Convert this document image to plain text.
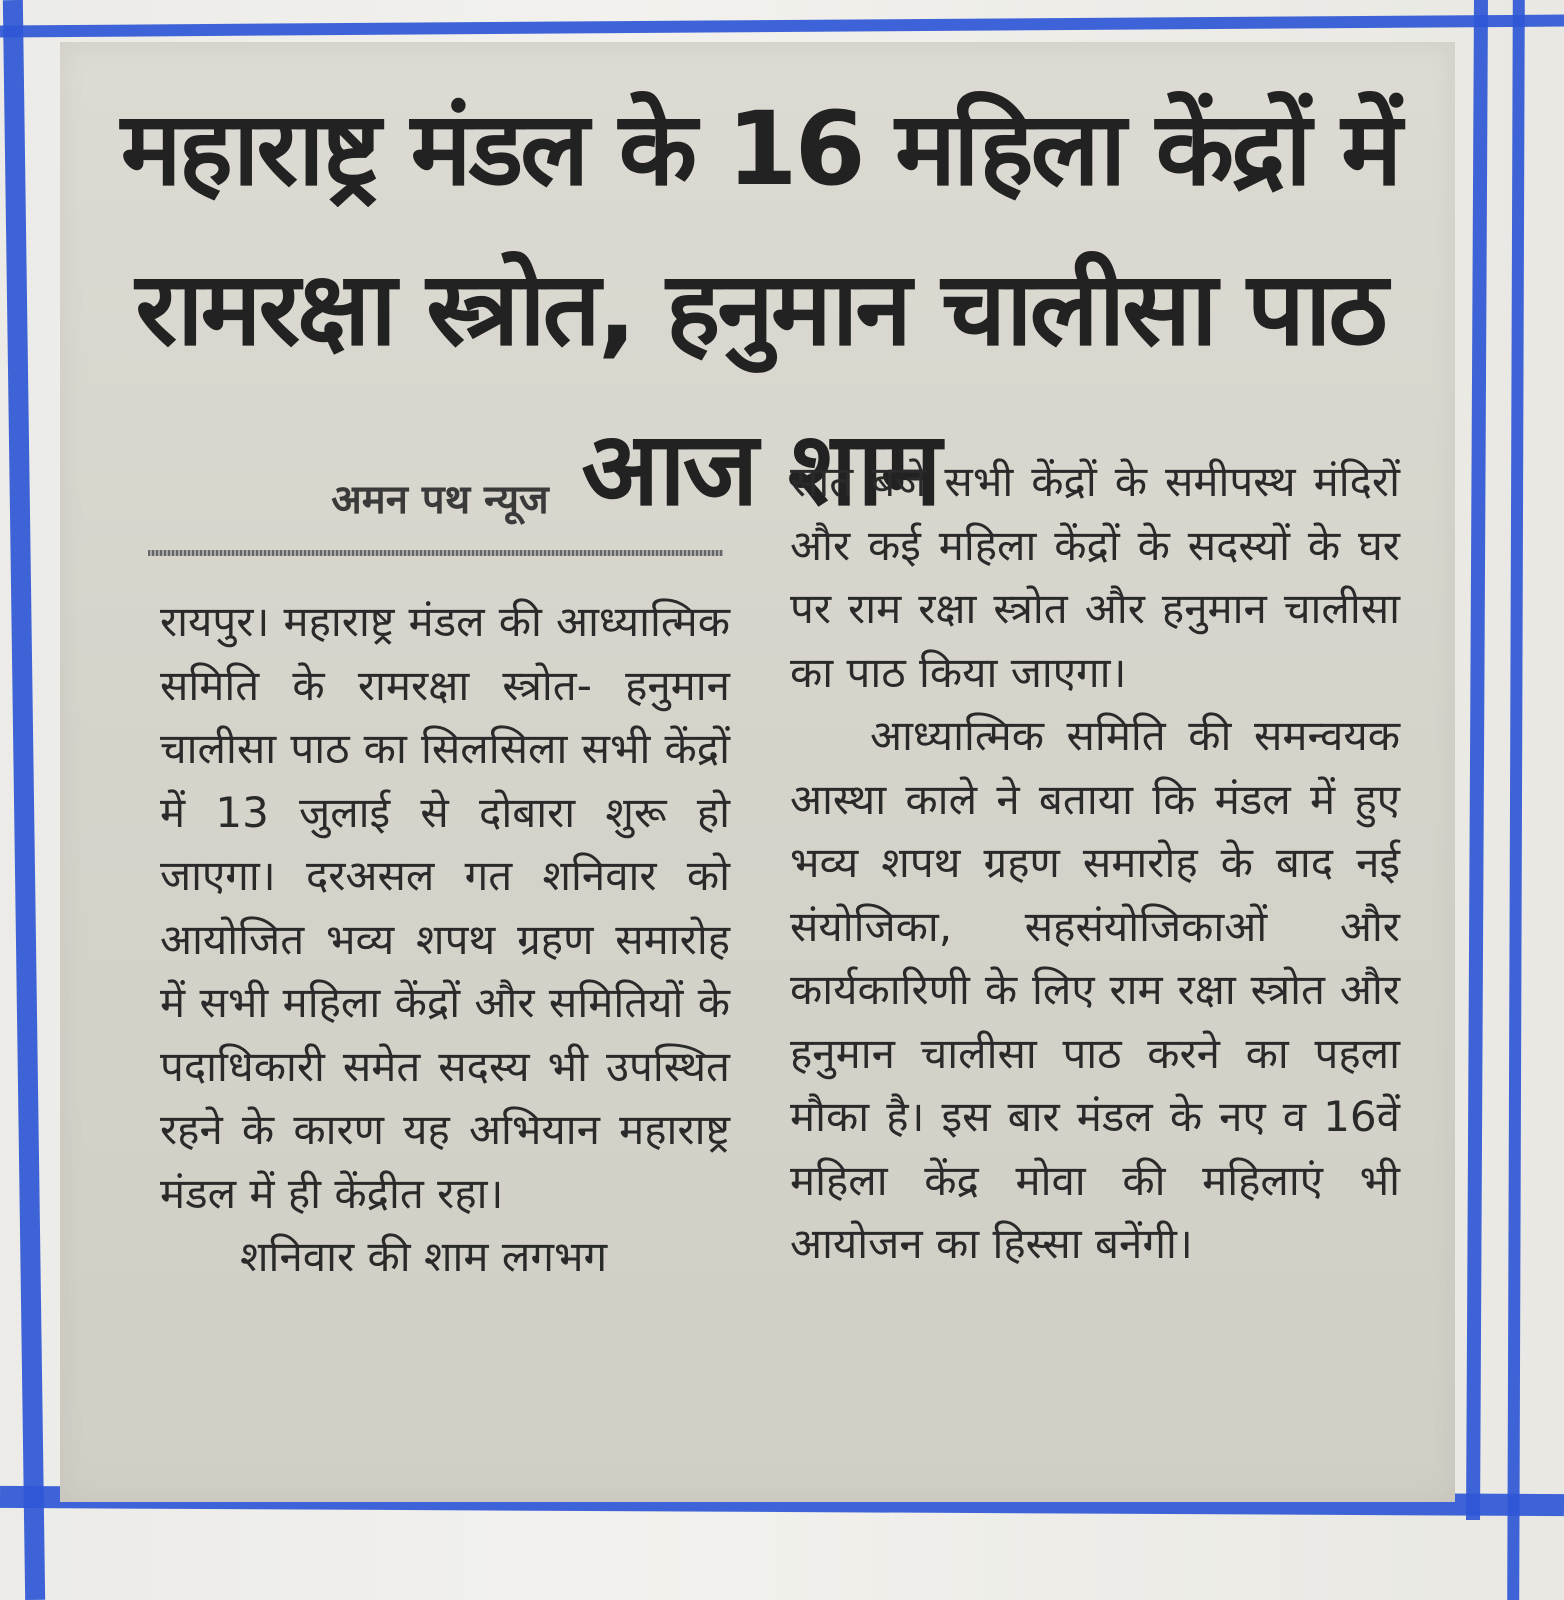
महाराष्ट्र मंडल के 16 महिला केंद्रों में रामरक्षा स्त्रोत, हनुमान चालीसा पाठ आज शाम
अमन पथ न्यूज

रायपुर। महाराष्ट्र मंडल की आध्यात्मिक समिति के रामरक्षा स्त्रोत- हनुमान चालीसा पाठ का सिलसिला सभी केंद्रों में 13 जुलाई से दोबारा शुरू हो जाएगा। दरअसल गत शनिवार को आयोजित भव्य शपथ ग्रहण समारोह में सभी महिला केंद्रों और समितियों के पदाधिकारी समेत सदस्य भी उपस्थित रहने के कारण यह अभियान महाराष्ट्र मंडल में ही केंद्रीत रहा।

शनिवार की शाम लगभग

सात बजे सभी केंद्रों के समीपस्थ मंदिरों और कई महिला केंद्रों के सदस्यों के घर पर राम रक्षा स्त्रोत और हनुमान चालीसा का पाठ किया जाएगा।

आध्यात्मिक समिति की समन्वयक आस्था काले ने बताया कि मंडल में हुए भव्य शपथ ग्रहण समारोह के बाद नई संयोजिका, सहसंयोजिकाओं और कार्यकारिणी के लिए राम रक्षा स्त्रोत और हनुमान चालीसा पाठ करने का पहला मौका है। इस बार मंडल के नए व 16वें महिला केंद्र मोवा की महिलाएं भी आयोजन का हिस्सा बनेंगी।
